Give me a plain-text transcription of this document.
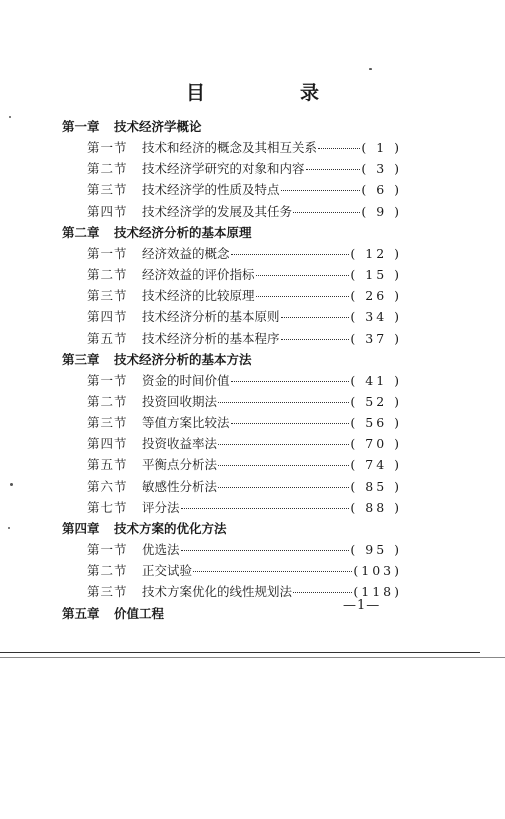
目　录
第一章 技术经济学概论
第一节	技术和经济的概念及其相互关系	( 1 )
第二节	技术经济学研究的对象和内容	( 3 )
第三节	技术经济学的性质及特点	( 6 )
第四节	技术经济学的发展及其任务	( 9 )
第二章 技术经济分析的基本原理
第一节	经济效益的概念	( 12 )
第二节	经济效益的评价指标	( 15 )
第三节	技术经济的比较原理	( 26 )
第四节	技术经济分析的基本原则	( 34 )
第五节	技术经济分析的基本程序	( 37 )
第三章 技术经济分析的基本方法
第一节	资金的时间价值	( 41 )
第二节	投资回收期法	( 52 )
第三节	等值方案比较法	( 56 )
第四节	投资收益率法	( 70 )
第五节	平衡点分析法	( 74 )
第六节	敏感性分析法	( 85 )
第七节	评分法	( 88 )
第四章 技术方案的优化方法
第一节	优选法	( 95 )
第二节	正交试验	(103)
第三节	技术方案优化的线性规划法	(118)
第五章 价值工程
—1—
